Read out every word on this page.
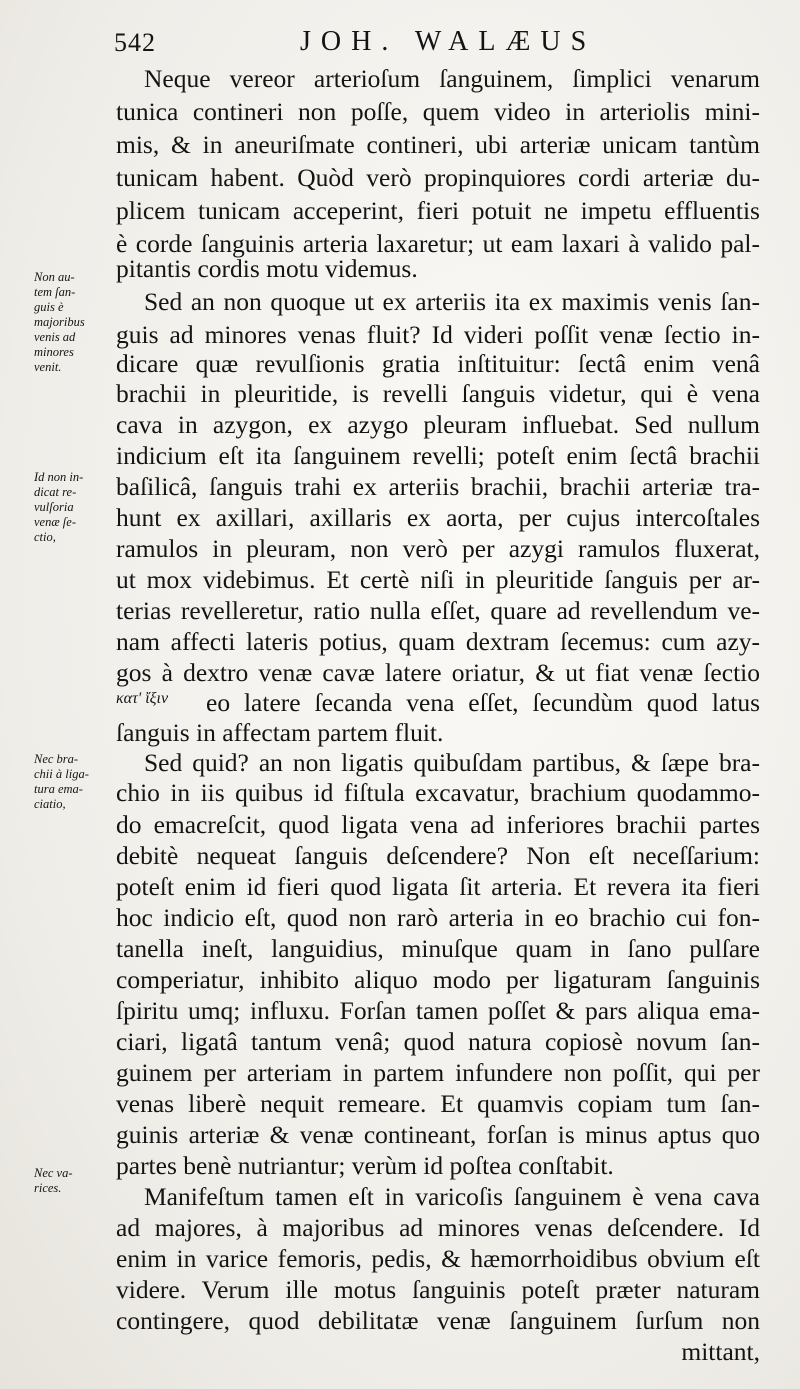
542	JOH. WALÆUS
Non au-
tem ſan-
guis è
majoribus
venis ad
minores
venit.
Id non in-
dicat re-
vulſoria
venæ ſe-
ctio,
Nec bra-
chii à liga-
tura ema-
ciatio,
Nec va-
rices.
Neque vereor arterioſum ſanguinem, ſimplici venarum
tunica contineri non poſſe, quem video in arteriolis mini-
mis, & in aneuriſmate contineri, ubi arteriæ unicam tantùm
tunicam habent. Quòd verò propinquiores cordi arteriæ du-
plicem tunicam acceperint, fieri potuit ne impetu effluentis
è corde ſanguinis arteria laxaretur; ut eam laxari à valido pal-
pitantis cordis motu videmus.
Sed an non quoque ut ex arteriis ita ex maximis venis ſan-
guis ad minores venas fluit? Id videri poſſit venæ ſectio in-
dicare quæ revulſionis gratia inſtituitur: ſectâ enim venâ
brachii in pleuritide, is revelli ſanguis videtur, qui è vena
cava in azygon, ex azygo pleuram influebat. Sed nullum
indicium eſt ita ſanguinem revelli; poteſt enim ſectâ brachii
baſilicâ, ſanguis trahi ex arteriis brachii, brachii arteriæ tra-
hunt ex axillari, axillaris ex aorta, per cujus intercoſtales
ramulos in pleuram, non verò per azygi ramulos fluxerat,
ut mox videbimus. Et certè niſi in pleuritide ſanguis per ar-
terias revelleretur, ratio nulla eſſet, quare ad revellendum ve-
nam affecti lateris potius, quam dextram ſecemus: cum azy-
gos à dextro venæ cavæ latere oriatur, & ut fiat venæ ſectio
κατ' ἴξιν eo latere ſecanda vena eſſet, ſecundùm quod latus
ſanguis in affectam partem fluit.
Sed quid? an non ligatis quibuſdam partibus, & ſæpe bra-
chio in iis quibus id fiſtula excavatur, brachium quodammo-
do emacreſcit, quod ligata vena ad inferiores brachii partes
debitè nequeat ſanguis deſcendere? Non eſt neceſſarium:
poteſt enim id fieri quod ligata ſit arteria. Et revera ita fieri
hoc indicio eſt, quod non rarò arteria in eo brachio cui fon-
tanella ineſt, languidius, minuſque quam in ſano pulſare
comperiatur, inhibito aliquo modo per ligaturam ſanguinis
ſpiritu umq; influxu. Forſan tamen poſſet & pars aliqua ema-
ciari, ligatâ tantum venâ; quod natura copiosè novum ſan-
guinem per arteriam in partem infundere non poſſit, qui per
venas liberè nequit remeare. Et quamvis copiam tum ſan-
guinis arteriæ & venæ contineant, forſan is minus aptus quo
partes benè nutriantur; verùm id poſtea conſtabit.
Manifeſtum tamen eſt in varicoſis ſanguinem è vena cava
ad majores, à majoribus ad minores venas deſcendere. Id
enim in varice femoris, pedis, & hæmorrhoidibus obvium eſt
videre. Verum ille motus ſanguinis poteſt præter naturam
contingere, quod debilitatæ venæ ſanguinem ſurſum non
mittant,
